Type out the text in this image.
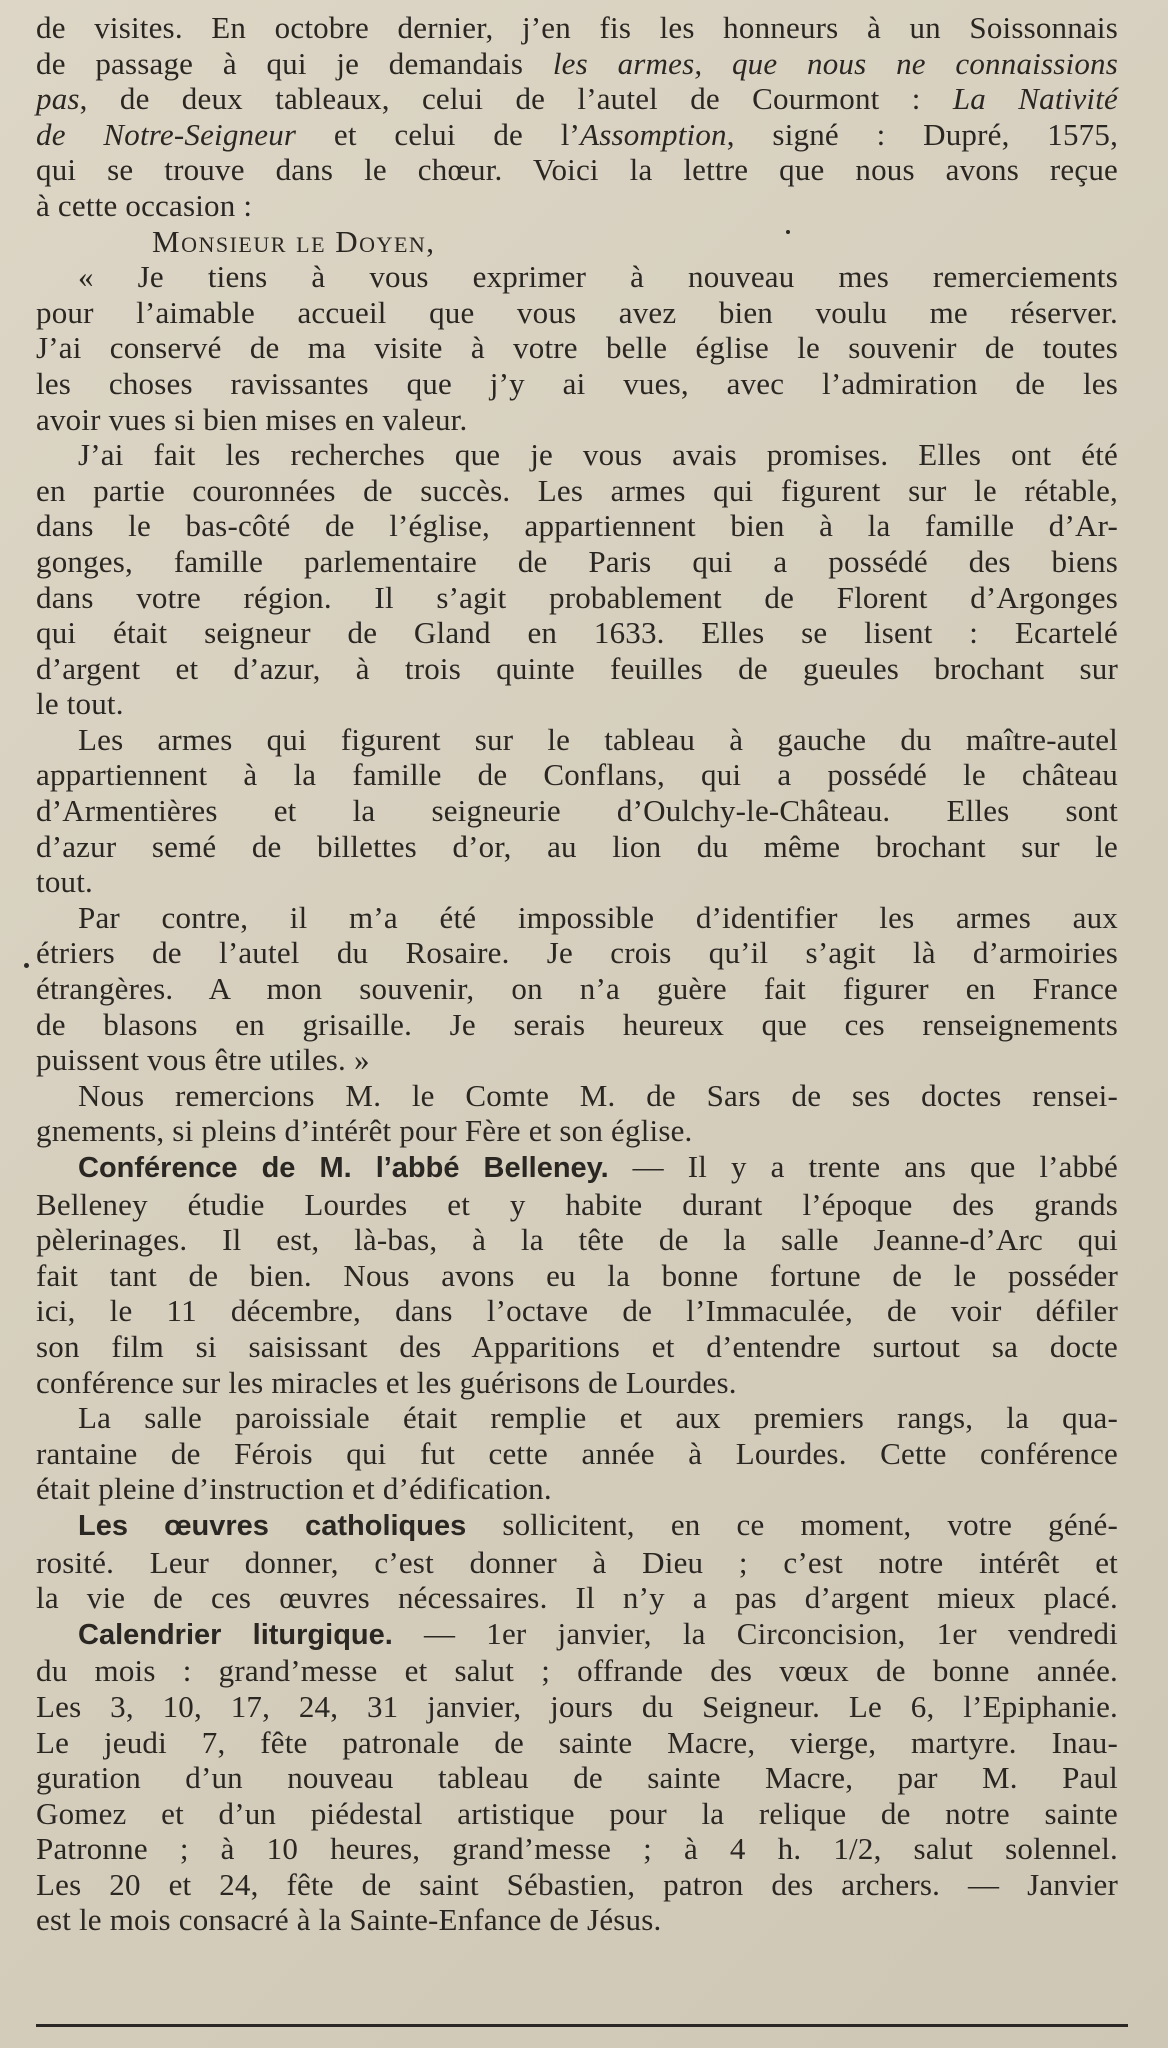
de visites. En octobre dernier, j’en fis les honneurs à un Soissonnais
de passage à qui je demandais les armes, que nous ne connaissions
pas, de deux tableaux, celui de l’autel de Courmont : La Nativité
de Notre-Seigneur et celui de l’Assomption, signé : Dupré, 1575,
qui se trouve dans le chœur. Voici la lettre que nous avons reçue
à cette occasion :
Monsieur le Doyen,
« Je tiens à vous exprimer à nouveau mes remerciements
pour l’aimable accueil que vous avez bien voulu me réserver.
J’ai conservé de ma visite à votre belle église le souvenir de toutes
les choses ravissantes que j’y ai vues, avec l’admiration de les
avoir vues si bien mises en valeur.
J’ai fait les recherches que je vous avais promises. Elles ont été
en partie couronnées de succès. Les armes qui figurent sur le rétable,
dans le bas-côté de l’église, appartiennent bien à la famille d’Ar-
gonges, famille parlementaire de Paris qui a possédé des biens
dans votre région. Il s’agit probablement de Florent d’Argonges
qui était seigneur de Gland en 1633. Elles se lisent : Ecartelé
d’argent et d’azur, à trois quinte feuilles de gueules brochant sur
le tout.
Les armes qui figurent sur le tableau à gauche du maître-autel
appartiennent à la famille de Conflans, qui a possédé le château
d’Armentières et la seigneurie d’Oulchy-le-Château. Elles sont
d’azur semé de billettes d’or, au lion du même brochant sur le
tout.
Par contre, il m’a été impossible d’identifier les armes aux
étriers de l’autel du Rosaire. Je crois qu’il s’agit là d’armoiries
étrangères. A mon souvenir, on n’a guère fait figurer en France
de blasons en grisaille. Je serais heureux que ces renseignements
puissent vous être utiles. »
Nous remercions M. le Comte M. de Sars de ses doctes rensei-
gnements, si pleins d’intérêt pour Fère et son église.
Conférence de M. l’abbé Belleney. — Il y a trente ans que l’abbé
Belleney étudie Lourdes et y habite durant l’époque des grands
pèlerinages. Il est, là-bas, à la tête de la salle Jeanne-d’Arc qui
fait tant de bien. Nous avons eu la bonne fortune de le posséder
ici, le 11 décembre, dans l’octave de l’Immaculée, de voir défiler
son film si saisissant des Apparitions et d’entendre surtout sa docte
conférence sur les miracles et les guérisons de Lourdes.
La salle paroissiale était remplie et aux premiers rangs, la qua-
rantaine de Férois qui fut cette année à Lourdes. Cette conférence
était pleine d’instruction et d’édification.
Les œuvres catholiques sollicitent, en ce moment, votre géné-
rosité. Leur donner, c’est donner à Dieu ; c’est notre intérêt et
la vie de ces œuvres nécessaires. Il n’y a pas d’argent mieux placé.
Calendrier liturgique. — 1er janvier, la Circoncision, 1er vendredi
du mois : grand’messe et salut ; offrande des vœux de bonne année.
Les 3, 10, 17, 24, 31 janvier, jours du Seigneur. Le 6, l’Epiphanie.
Le jeudi 7, fête patronale de sainte Macre, vierge, martyre. Inau-
guration d’un nouveau tableau de sainte Macre, par M. Paul
Gomez et d’un piédestal artistique pour la relique de notre sainte
Patronne ; à 10 heures, grand’messe ; à 4 h. 1/2, salut solennel.
Les 20 et 24, fête de saint Sébastien, patron des archers. — Janvier
est le mois consacré à la Sainte-Enfance de Jésus.
